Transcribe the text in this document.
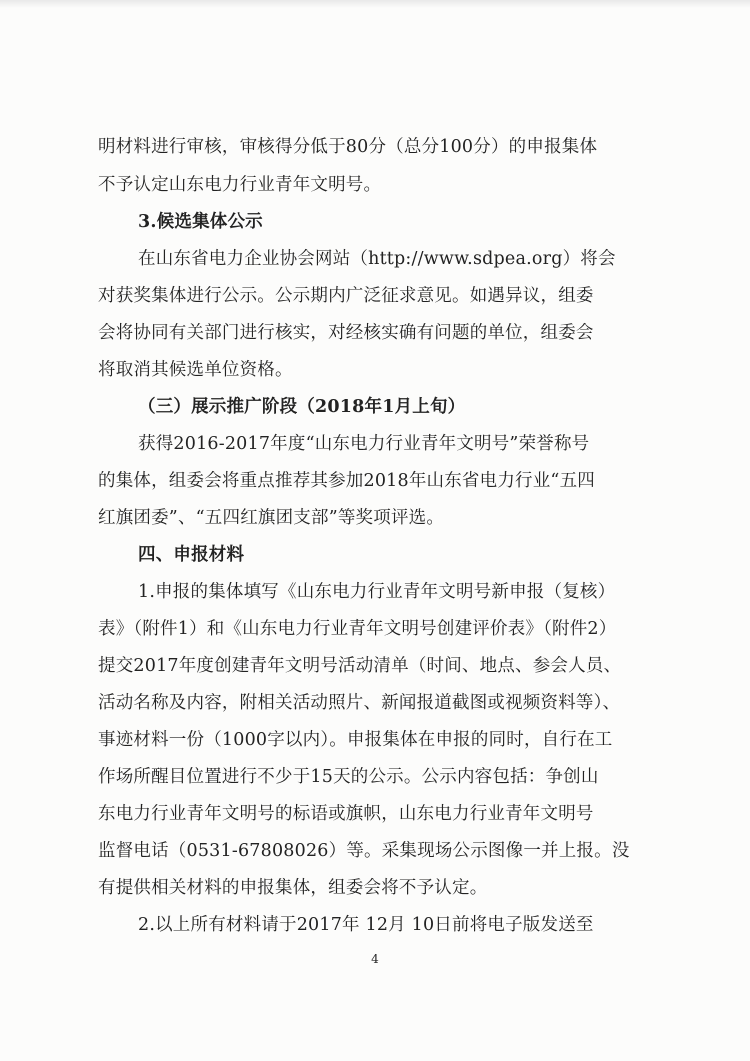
明材料进行审核，审核得分低于80分（总分100分）的申报集体
不予认定山东电力行业青年文明号。
3.候选集体公示
在山东省电力企业协会网站（http://www.sdpea.org）将会
对获奖集体进行公示。公示期内广泛征求意见。如遇异议，组委
会将协同有关部门进行核实，对经核实确有问题的单位，组委会
将取消其候选单位资格。
（三）展示推广阶段（2018年1月上旬）
获得2016-2017年度“山东电力行业青年文明号”荣誉称号
的集体，组委会将重点推荐其参加2018年山东省电力行业“五四
红旗团委”、“五四红旗团支部”等奖项评选。
四、申报材料
1.申报的集体填写《山东电力行业青年文明号新申报（复核）
表》（附件1）和《山东电力行业青年文明号创建评价表》（附件2）
提交2017年度创建青年文明号活动清单（时间、地点、参会人员、
活动名称及内容，附相关活动照片、新闻报道截图或视频资料等）、
事迹材料一份（1000字以内）。申报集体在申报的同时，自行在工
作场所醒目位置进行不少于15天的公示。公示内容包括：争创山
东电力行业青年文明号的标语或旗帜，山东电力行业青年文明号
监督电话（0531-67808026）等。采集现场公示图像一并上报。没
有提供相关材料的申报集体，组委会将不予认定。
2.以上所有材料请于2017年 12月 10日前将电子版发送至
4
